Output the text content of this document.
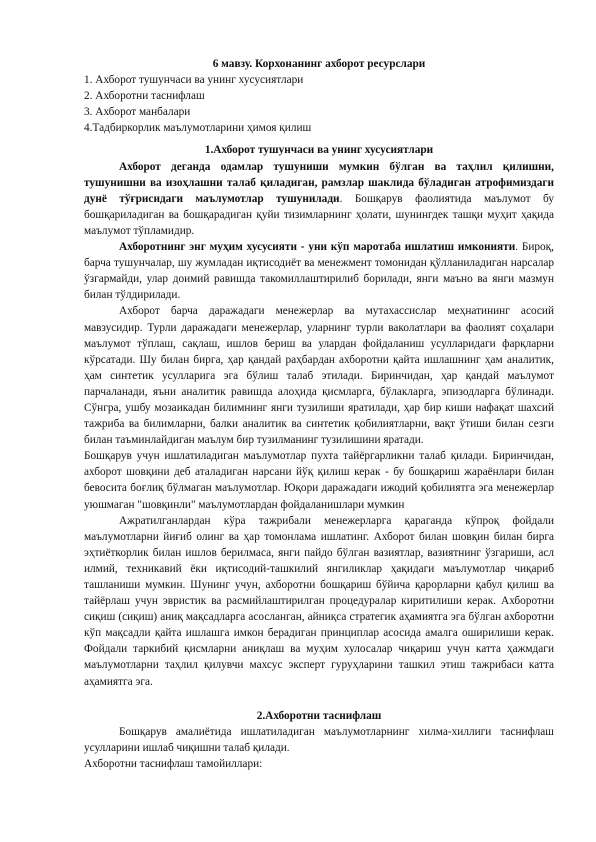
6 мавзу. Корхонанинг ахборот ресурслари

1. Ахборот тушунчаси ва унинг хусусиятлари

2. Ахборотни таснифлаш

3. Ахборот манбалари

4.Тадбиркорлик маълумотларини ҳимоя қилиш

1.Ахборот тушунчаси ва унинг хусусиятлари

Ахборот деганда одамлар тушуниши мумкин бўлган ва таҳлил қилишни, тушунишни ва изоҳлашни талаб қиладиган, рамзлар шаклида бўладиган атрофимиздаги дунё тўғрисидаги маълумотлар тушунилади. Бошқарув фаолиятида маълумот бу бошқариладиган ва бошқарадиган қуйи тизимларнинг ҳолати, шунингдек ташқи муҳит ҳақида маълумот тўпламидир.

Ахборотнинг энг муҳим хусусияти - уни кўп маротаба ишлатиш имконияти. Бироқ, барча тушунчалар, шу жумладан иқтисодиёт ва менежмент томонидан қўлланиладиган нарсалар ўзгармайди, улар доимий равишда такомиллаштирилиб борилади, янги маъно ва янги мазмун билан тўлдирилади.

Ахборот барча даражадаги менежерлар ва мутахассислар меҳнатининг асосий мавзусидир. Турли даражадаги менежерлар, уларнинг турли ваколатлари ва фаолият соҳалари маълумот тўплаш, сақлаш, ишлов бериш ва улардан фойдаланиш усулларидаги фарқларни кўрсатади. Шу билан бирга, ҳар қандай раҳбардан ахборотни қайта ишлашнинг ҳам аналитик, ҳам синтетик усулларига эга бўлиш талаб этилади. Биринчидан, ҳар қандай маълумот парчаланади, яъни аналитик равишда алоҳида қисмларга, бўлакларга, эпизодларга бўлинади. Сўнгра, ушбу мозаикадан билимнинг янги тузилиши яратилади, ҳар бир киши нафақат шахсий тажриба ва билимларни, балки аналитик ва синтетик қобилиятларни, вақт ўтиши билан сезги билан таъминлайдиган маълум бир тузилманинг тузилишини яратади.

Бошқарув учун ишлатиладиган маълумотлар пухта тайёргарликни талаб қилади. Биринчидан, ахборот шовқини деб аталадиган нарсани йўқ қилиш керак - бу бошқариш жараёнлари билан бевосита боғлиқ бўлмаган маълумотлар. Юқори даражадаги ижодий қобилиятга эга менежерлар уюшмаган "шовқинли" маълумотлардан фойдаланишлари мумкин

Ажратилганлардан кўра тажрибали менежерларга қараганда кўпроқ фойдали маълумотларни йиғиб олинг ва ҳар томонлама ишлатинг. Ахборот билан шовқин билан бирга эҳтиёткорлик билан ишлов берилмаса, янги пайдо бўлган вазиятлар, вазиятнинг ўзгариши, асл илмий, техникавий ёки иқтисодий-ташкилий янгиликлар ҳақидаги маълумотлар чиқариб ташланиши мумкин. Шунинг учун, ахборотни бошқариш бўйича қарорларни қабул қилиш ва тайёрлаш учун эвристик ва расмийлаштирилган процедуралар киритилиши керак. Ахборотни сиқиш (сиқиш) аниқ мақсадларга асосланган, айниқса стратегик аҳамиятга эга бўлган ахборотни кўп мақсадли қайта ишлашга имкон берадиган принциплар асосида амалга оширилиши керак. Фойдали таркибий қисмларни аниқлаш ва муҳим хулосалар чиқариш учун катта ҳажмдаги маълумотларни таҳлил қилувчи махсус эксперт гуруҳларини ташкил этиш тажрибаси катта аҳамиятга эга.

2.Ахборотни таснифлаш

Бошқарув амалиётида ишлатиладиган маълумотларнинг хилма-хиллиги таснифлаш усулларини ишлаб чиқишни талаб қилади.

Ахборотни таснифлаш тамойиллари:
